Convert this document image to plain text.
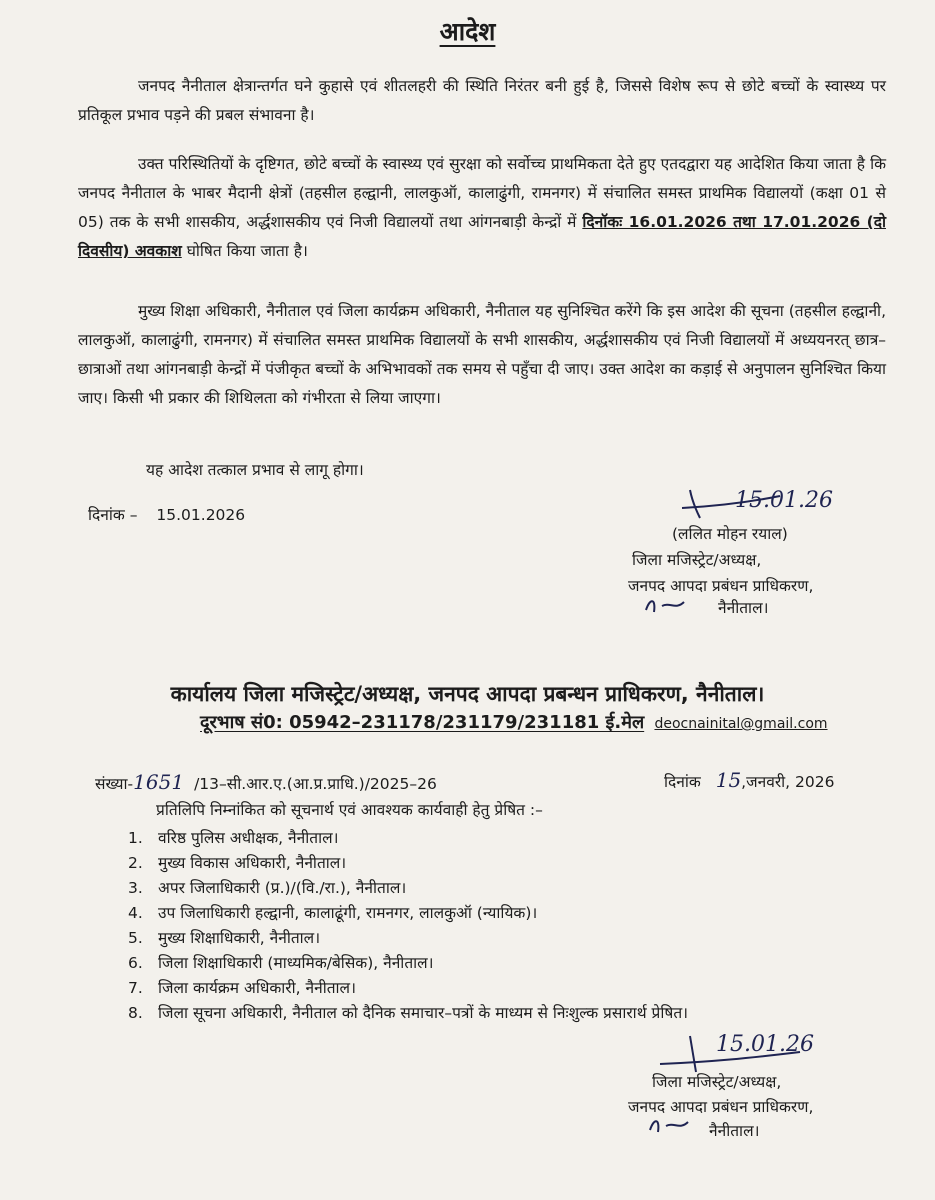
आदेश

जनपद नैनीताल क्षेत्रान्तर्गत घने कुहासे एवं शीतलहरी की स्थिति निरंतर बनी हुई है, जिससे विशेष रूप से छोटे बच्चों के स्वास्थ्य पर प्रतिकूल प्रभाव पड़ने की प्रबल संभावना है।

उक्त परिस्थितियों के दृष्टिगत, छोटे बच्चों के स्वास्थ्य एवं सुरक्षा को सर्वोच्च प्राथमिकता देते हुए एतदद्वारा यह आदेशित किया जाता है कि जनपद नैनीताल के भाबर मैदानी क्षेत्रों (तहसील हल्द्वानी, लालकुऑ, कालाढुंगी, रामनगर) में संचालित समस्त प्राथमिक विद्यालयों (कक्षा 01 से 05) तक के सभी शासकीय, अर्द्धशासकीय एवं निजी विद्यालयों तथा आंगनबाड़ी केन्द्रों में दिनॉकः 16.01.2026 तथा 17.01.2026 (दो दिवसीय) अवकाश घोषित किया जाता है।

मुख्य शिक्षा अधिकारी, नैनीताल एवं जिला कार्यक्रम अधिकारी, नैनीताल यह सुनिश्चित करेंगे कि इस आदेश की सूचना (तहसील हल्द्वानी, लालकुऑ, कालाढुंगी, रामनगर) में संचालित समस्त प्राथमिक विद्यालयों के सभी शासकीय, अर्द्धशासकीय एवं निजी विद्यालयों में अध्ययनरत् छात्र–छात्राओं तथा आंगनबाड़ी केन्द्रों में पंजीकृत बच्चों के अभिभावकों तक समय से पहुँचा दी जाए। उक्त आदेश का कड़ाई से अनुपालन सुनिश्चित किया जाए। किसी भी प्रकार की शिथिलता को गंभीरता से लिया जाएगा।

यह आदेश तत्काल प्रभाव से लागू होगा।
दिनांक – 15.01.2026
15.01.26
(ललित मोहन रयाल)
जिला मजिस्ट्रेट/अध्यक्ष,
जनपद आपदा प्रबंधन प्राधिकरण,
नैनीताल।
कार्यालय जिला मजिस्ट्रेट/अध्यक्ष, जनपद आपदा प्रबन्धन प्राधिकरण, नैनीताल।
दूरभाष सं0: 05942–231178/231179/231181 ई.मेल deocnainital@gmail.com
संख्या-1651 /13–सी.आर.ए.(आ.प्र.प्राधि.)/2025–26	दिनांक 15,जनवरी, 2026
प्रतिलिपि निम्नांकित को सूचनार्थ एवं आवश्यक कार्यवाही हेतु प्रेषित :–
1. वरिष्ठ पुलिस अधीक्षक, नैनीताल।
2. मुख्य विकास अधिकारी, नैनीताल।
3. अपर जिलाधिकारी (प्र.)/(वि./रा.), नैनीताल।
4. उप जिलाधिकारी हल्द्वानी, कालाढूंगी, रामनगर, लालकुऑ (न्यायिक)।
5. मुख्य शिक्षाधिकारी, नैनीताल।
6. जिला शिक्षाधिकारी (माध्यमिक/बेसिक), नैनीताल।
7. जिला कार्यक्रम अधिकारी, नैनीताल।
8. जिला सूचना अधिकारी, नैनीताल को दैनिक समाचार–पत्रों के माध्यम से निःशुल्क प्रसारार्थ प्रेषित।
15.01.26
जिला मजिस्ट्रेट/अध्यक्ष,
जनपद आपदा प्रबंधन प्राधिकरण,
नैनीताल।
